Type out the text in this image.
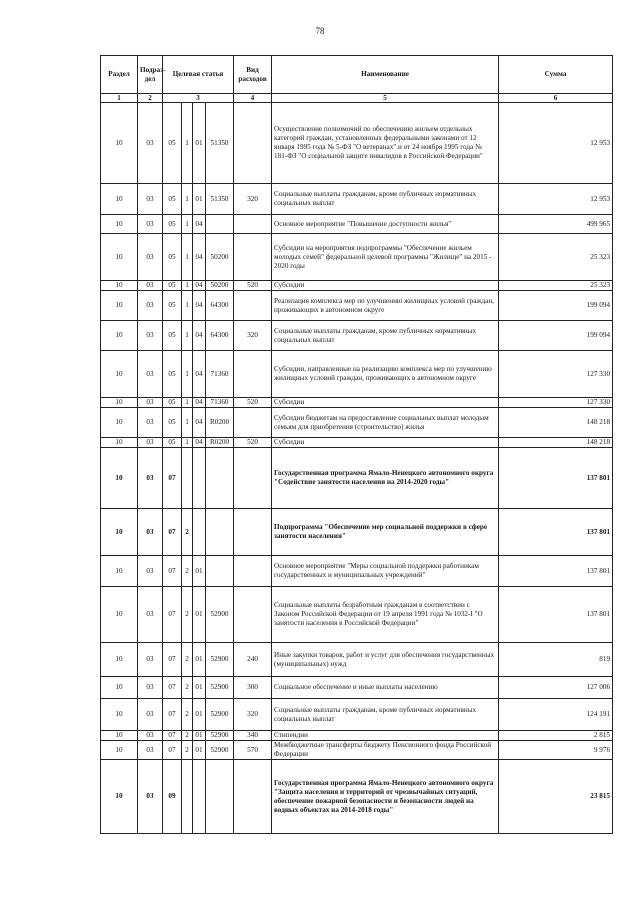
78
Раздел	Подраз-дел	Целевая статья				Вид расходов	Наименование	Сумма
1	2	3				4	5	6
10	03	05	1	01	51350		Осуществление полномочий по обеспечению жильем отдельных категорий граждан, установленных федеральными законами от 12 января 1995 года № 5-ФЗ "О ветеранах" и от 24 ноября 1995 года № 181-ФЗ "О социальной защите инвалидов в Российской Федерации"	12 953
10	03	05	1	01	51350	320	Социальные выплаты гражданам, кроме публичных нормативных социальных выплат	12 953
10	03	05	1	04			Основное мероприятие "Повышение доступности жилья"	499 965
10	03	05	1	04	50200		Субсидии на мероприятия подпрограммы "Обеспечение жильем молодых семей" федеральной целевой программы "Жилище" на 2015 - 2020 годы	25 323
10	03	05	1	04	50200	520	Субсидии	25 323
10	03	05	1	04	64300		Реализация комплекса мер по улучшению жилищных условий граждан, проживающих в автономном округе	199 094
10	03	05	1	04	64300	320	Социальные выплаты гражданам, кроме публичных нормативных социальных выплат	199 094
10	03	05	1	04	71360		Субсидии, направленные на реализацию комплекса мер по улучшению жилищных условий граждан, проживающих в автономном округе	127 330
10	03	05	1	04	71360	520	Субсидии	127 330
10	03	05	1	04	R0200		Субсидии бюджетам на предоставление социальных выплат молодым семьям для приобретения (строительство) жилья	148 218
10	03	05	1	04	R0200	520	Субсидии	148 218
10	03	07					Государственная программа Ямало-Ненецкого автономного округа "Содействие занятости населения на 2014-2020 годы"	137 801
10	03	07	2				Подпрограмма "Обеспечение мер социальной поддержки в сфере занятости населения"	137 801
10	03	07	2	01			Основное мероприятие "Меры социальной поддержки работникам государственных и муниципальных учреждений"	137 801
10	03	07	2	01	52900		Социальные выплаты безработным гражданам в соответствии с Законом Российской Федерации от 19 апреля 1991 года № 1032-I "О занятости населения в Российской Федерации"	137 801
10	03	07	2	01	52900	240	Иные закупки товаров, работ и услуг для обеспечения государственных (муниципальных) нужд	819
10	03	07	2	01	52900	300	Социальное обеспечение и иные выплаты населению	127 006
10	03	07	2	01	52900	320	Социальные выплаты гражданам, кроме публичных нормативных социальных выплат	124 191
10	03	07	2	01	52900	340	Стипендии	2 815
10	03	07	2	01	52900	570	Межбюджетные трансферты бюджету Пенсионного фонда Российской Федерации	9 976
10	03	09					Государственная программа Ямало-Ненецкого автономного округа "Защита населения и территорий от чрезвычайных ситуаций, обеспечение пожарной безопасности и безопасности людей на водных объектах на 2014-2018 годы"	23 815
